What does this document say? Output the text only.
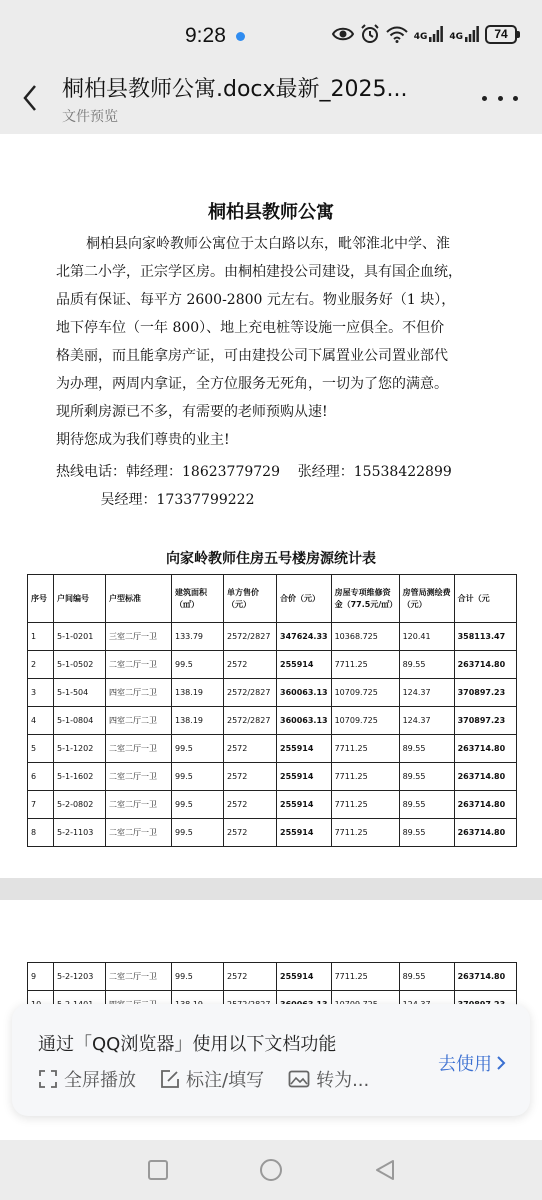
9:28	4G 4G	74
桐柏县教师公寓.docx最新_2025...
文件预览
桐柏县教师公寓

桐柏县向家岭教师公寓位于太白路以东，毗邻淮北中学、淮

北第二小学，正宗学区房。由桐柏建投公司建设，具有国企血统，

品质有保证、每平方 2600-2800 元左右。物业服务好（1 块），

地下停车位（一年 800）、地上充电桩等设施一应俱全。不但价

格美丽，而且能拿房产证，可由建投公司下属置业公司置业部代

为办理，两周内拿证，全方位服务无死角，一切为了您的满意。

现所剩房源已不多，有需要的老师预购从速!

期待您成为我们尊贵的业主!

热线电话：韩经理：18623779729    张经理：15538422899

吴经理：17337799222

向家岭教师住房五号楼房源统计表
序号	户间编号	户型标准	建筑面积（㎡）	单方售价（元）	合价（元）	房屋专项维修资金（77.5元/㎡）	房管局测绘费（元）	合计（元
1	5-1-0201	三室二厅一卫	133.79	2572/2827	347624.33	10368.725	120.41	358113.47
2	5-1-0502	二室二厅一卫	99.5	2572	255914	7711.25	89.55	263714.80
3	5-1-504	四室二厅二卫	138.19	2572/2827	360063.13	10709.725	124.37	370897.23
4	5-1-0804	四室二厅二卫	138.19	2572/2827	360063.13	10709.725	124.37	370897.23
5	5-1-1202	二室二厅一卫	99.5	2572	255914	7711.25	89.55	263714.80
6	5-1-1602	二室二厅一卫	99.5	2572	255914	7711.25	89.55	263714.80
7	5-2-0802	二室二厅一卫	99.5	2572	255914	7711.25	89.55	263714.80
8	5-2-1103	二室二厅一卫	99.5	2572	255914	7711.25	89.55	263714.80
9	5-2-1203	二室二厅一卫	99.5	2572	255914	7711.25	89.55	263714.80

通过「QQ浏览器」使用以下文档功能
全屏播放	标注/填写	转为...
去使用
